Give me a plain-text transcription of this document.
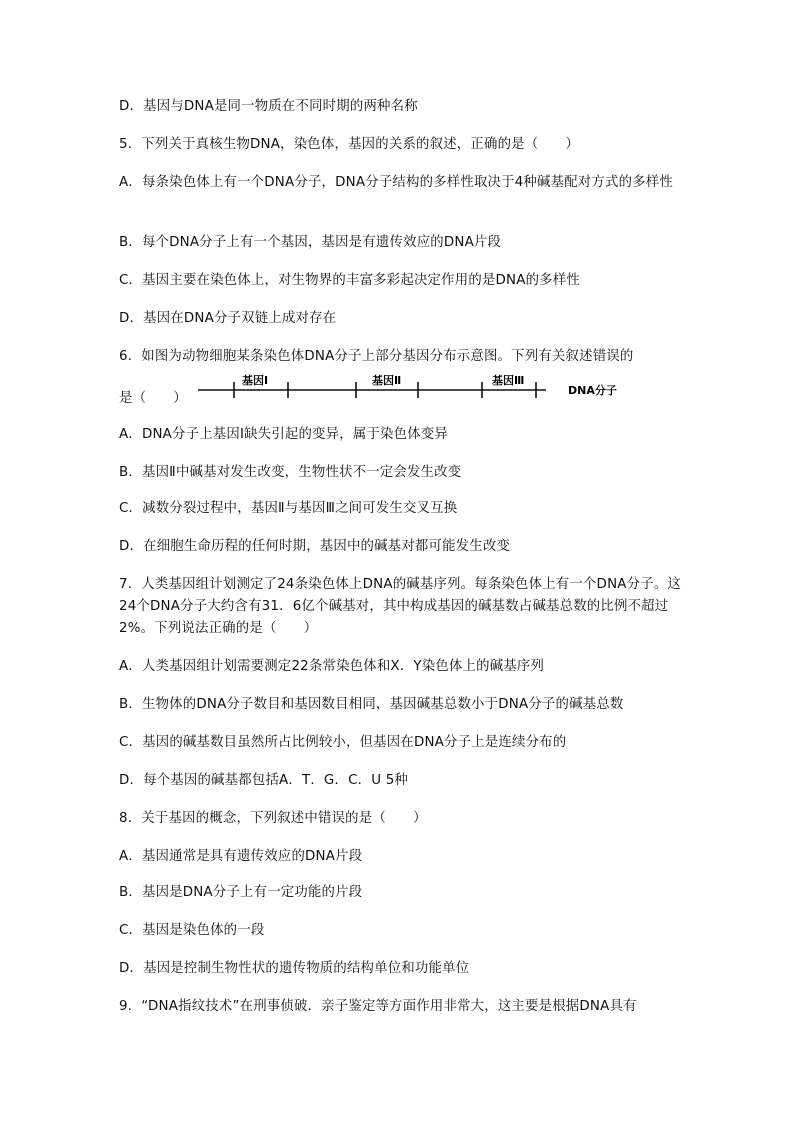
D．基因与DNA是同一物质在不同时期的两种名称
5．下列关于真核生物DNA，染色体，基因的关系的叙述，正确的是（　　）
A．每条染色体上有一个DNA分子，DNA分子结构的多样性取决于4种碱基配对方式的多样性
B．每个DNA分子上有一个基因，基因是有遗传效应的DNA片段
C．基因主要在染色体上，对生物界的丰富多彩起决定作用的是DNA的多样性
D．基因在DNA分子双链上成对存在
6．如图为动物细胞某条染色体DNA分子上部分基因分布示意图。下列有关叙述错误的
是（　　）
基因Ⅰ	基因Ⅱ	基因Ⅲ
DNA分子
A．DNA分子上基因Ⅰ缺失引起的变异，属于染色体变异
B．基因Ⅱ中碱基对发生改变，生物性状不一定会发生改变
C．减数分裂过程中，基因Ⅱ与基因Ⅲ之间可发生交叉互换
D．在细胞生命历程的任何时期，基因中的碱基对都可能发生改变
7．人类基因组计划测定了24条染色体上DNA的碱基序列。每条染色体上有一个DNA分子。这24个DNA分子大约含有31．6亿个碱基对，其中构成基因的碱基数占碱基总数的比例不超过2%。下列说法正确的是（　　）
A．人类基因组计划需要测定22条常染色体和X．Y染色体上的碱基序列
B．生物体的DNA分子数目和基因数目相同，基因碱基总数小于DNA分子的碱基总数
C．基因的碱基数目虽然所占比例较小，但基因在DNA分子上是连续分布的
D．每个基因的碱基都包括A．T．G．C．U 5种
8．关于基因的概念，下列叙述中错误的是（　　）
A．基因通常是具有遗传效应的DNA片段
B．基因是DNA分子上有一定功能的片段
C．基因是染色体的一段
D．基因是控制生物性状的遗传物质的结构单位和功能单位
9．“DNA指纹技术”在刑事侦破．亲子鉴定等方面作用非常大，这主要是根据DNA具有
